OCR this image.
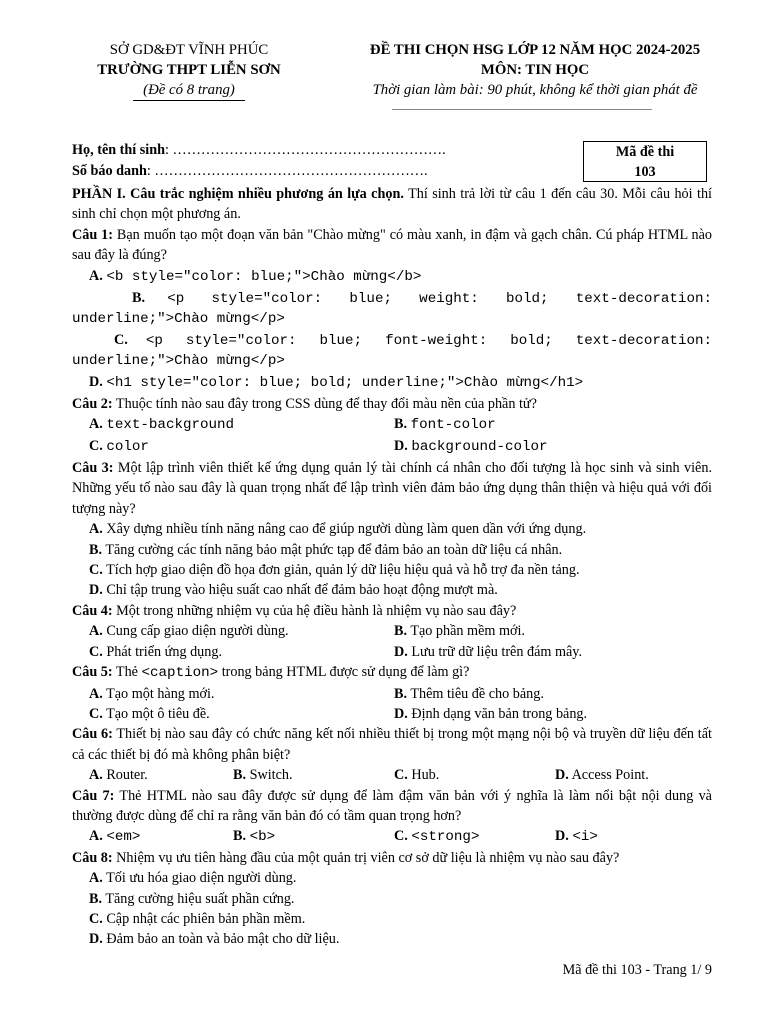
SỞ GD&ĐT VĨNH PHÚC
TRƯỜNG THPT LIỄN SƠN
(Đề có 8 trang)
ĐỀ THI CHỌN HSG LỚP 12 NĂM HỌC 2024-2025
MÔN: TIN HỌC
Thời gian làm bài: 90 phút, không kể thời gian phát đề
Họ, tên thí sinh: ………………………………………………….
Số báo danh: ………………………………………………….
Mã đề thi
103

PHẦN I. Câu trắc nghiệm nhiều phương án lựa chọn. Thí sinh trả lời từ câu 1 đến câu 30. Mỗi câu hỏi thí sinh chỉ chọn một phương án.

Câu 1: Bạn muốn tạo một đoạn văn bản "Chào mừng" có màu xanh, in đậm và gạch chân. Cú pháp HTML nào sau đây là đúng?

A. <b style="color: blue;">Chào mừng</b>

B. <p style="color: blue; weight: bold; text-decoration:

underline;">Chào mừng</p>

C. <p style="color: blue; font-weight: bold; text-decoration:

underline;">Chào mừng</p>

D. <h1 style="color: blue; bold; underline;">Chào mừng</h1>

Câu 2: Thuộc tính nào sau đây trong CSS dùng để thay đổi màu nền của phần tử?

A. text-background	B. font-color
C. color	D. background-color

Câu 3: Một lập trình viên thiết kế ứng dụng quản lý tài chính cá nhân cho đối tượng là học sinh và sinh viên. Những yếu tố nào sau đây là quan trọng nhất để lập trình viên đảm bảo ứng dụng thân thiện và hiệu quả với đối tượng này?

A. Xây dựng nhiều tính năng nâng cao để giúp người dùng làm quen dần với ứng dụng.

B. Tăng cường các tính năng bảo mật phức tạp để đảm bảo an toàn dữ liệu cá nhân.

C. Tích hợp giao diện đồ họa đơn giản, quản lý dữ liệu hiệu quả và hỗ trợ đa nền tảng.

D. Chỉ tập trung vào hiệu suất cao nhất để đảm bảo hoạt động mượt mà.

Câu 4: Một trong những nhiệm vụ của hệ điều hành là nhiệm vụ nào sau đây?

A. Cung cấp giao diện người dùng.	B. Tạo phần mềm mới.
C. Phát triển ứng dụng.	D. Lưu trữ dữ liệu trên đám mây.

Câu 5: Thẻ <caption> trong bảng HTML được sử dụng để làm gì?

A. Tạo một hàng mới.	B. Thêm tiêu đề cho bảng.
C. Tạo một ô tiêu đề.	D. Định dạng văn bản trong bảng.

Câu 6: Thiết bị nào sau đây có chức năng kết nối nhiều thiết bị trong một mạng nội bộ và truyền dữ liệu đến tất cả các thiết bị đó mà không phân biệt?

A. Router.	B. Switch.	C. Hub.	D. Access Point.

Câu 7: Thẻ HTML nào sau đây được sử dụng để làm đậm văn bản với ý nghĩa là làm nổi bật nội dung và thường được dùng để chỉ ra rằng văn bản đó có tầm quan trọng hơn?

A. <em>	B. <b>	C. <strong>	D. <i>

Câu 8: Nhiệm vụ ưu tiên hàng đầu của một quản trị viên cơ sở dữ liệu là nhiệm vụ nào sau đây?

A. Tối ưu hóa giao diện người dùng.

B. Tăng cường hiệu suất phần cứng.

C. Cập nhật các phiên bản phần mềm.

D. Đảm bảo an toàn và bảo mật cho dữ liệu.

Mã đề thi 103 - Trang 1/ 9
